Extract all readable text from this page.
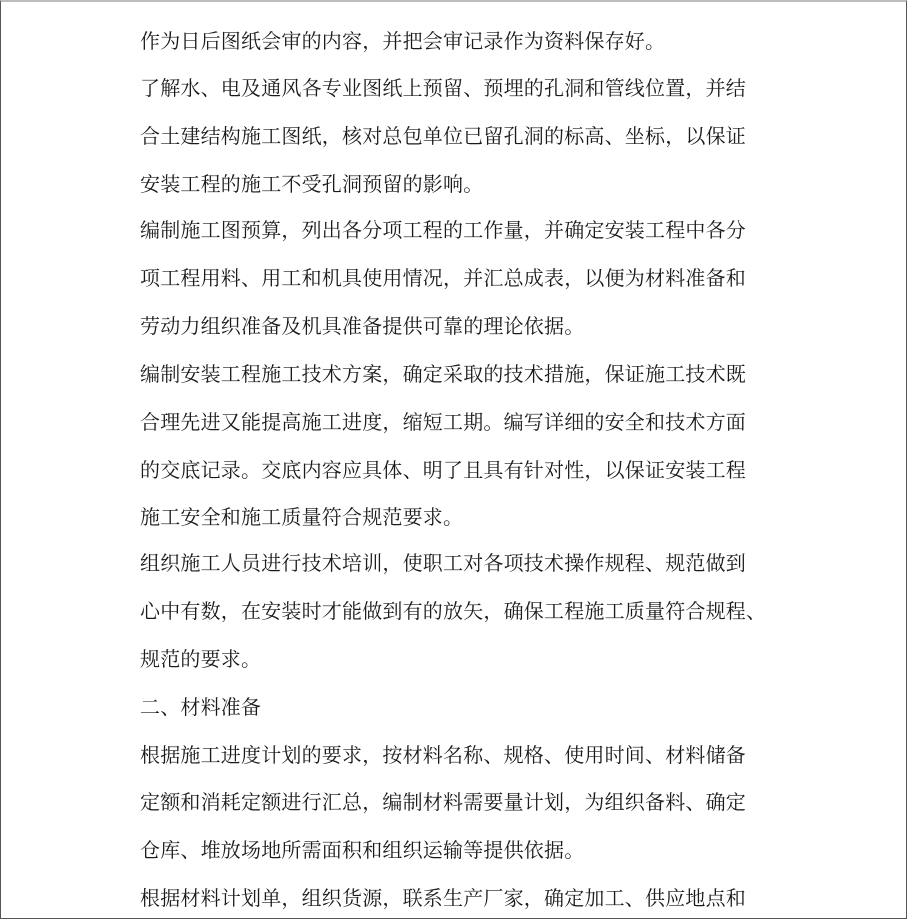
作为日后图纸会审的内容，并把会审记录作为资料保存好。
了解水、电及通风各专业图纸上预留、预埋的孔洞和管线位置，并结
合土建结构施工图纸，核对总包单位已留孔洞的标高、坐标，以保证
安装工程的施工不受孔洞预留的影响。
编制施工图预算，列出各分项工程的工作量，并确定安装工程中各分
项工程用料、用工和机具使用情况，并汇总成表，以便为材料准备和
劳动力组织准备及机具准备提供可靠的理论依据。
编制安装工程施工技术方案，确定采取的技术措施，保证施工技术既
合理先进又能提高施工进度，缩短工期。编写详细的安全和技术方面
的交底记录。交底内容应具体、明了且具有针对性，以保证安装工程
施工安全和施工质量符合规范要求。
组织施工人员进行技术培训，使职工对各项技术操作规程、规范做到
心中有数，在安装时才能做到有的放矢，确保工程施工质量符合规程、
规范的要求。
二、材料准备
根据施工进度计划的要求，按材料名称、规格、使用时间、材料储备
定额和消耗定额进行汇总，编制材料需要量计划，为组织备料、确定
仓库、堆放场地所需面积和组织运输等提供依据。
根据材料计划单，组织货源，联系生产厂家，确定加工、供应地点和
